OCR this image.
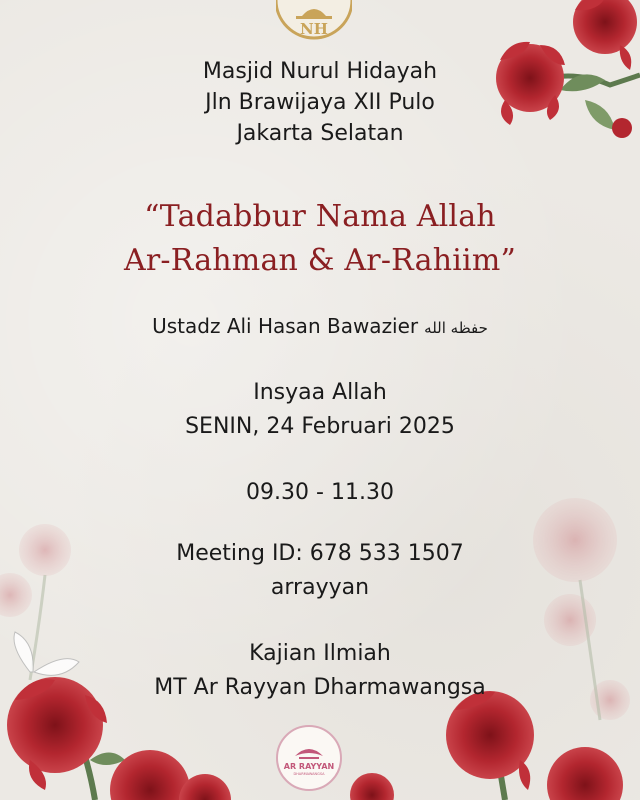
NH
Masjid Nurul Hidayah
Jln Brawijaya XII Pulo
Jakarta Selatan
“Tadabbur Nama Allah
Ar-Rahman & Ar-Rahiim”
Ustadz Ali Hasan Bawazier حفظه الله
Insyaa Allah
SENIN, 24 Februari 2025
09.30 - 11.30
Meeting ID: 678 533 1507
arrayyan
Kajian Ilmiah
MT Ar Rayyan Dharmawangsa
AR RAYYAN
DHARMAWANGSA
